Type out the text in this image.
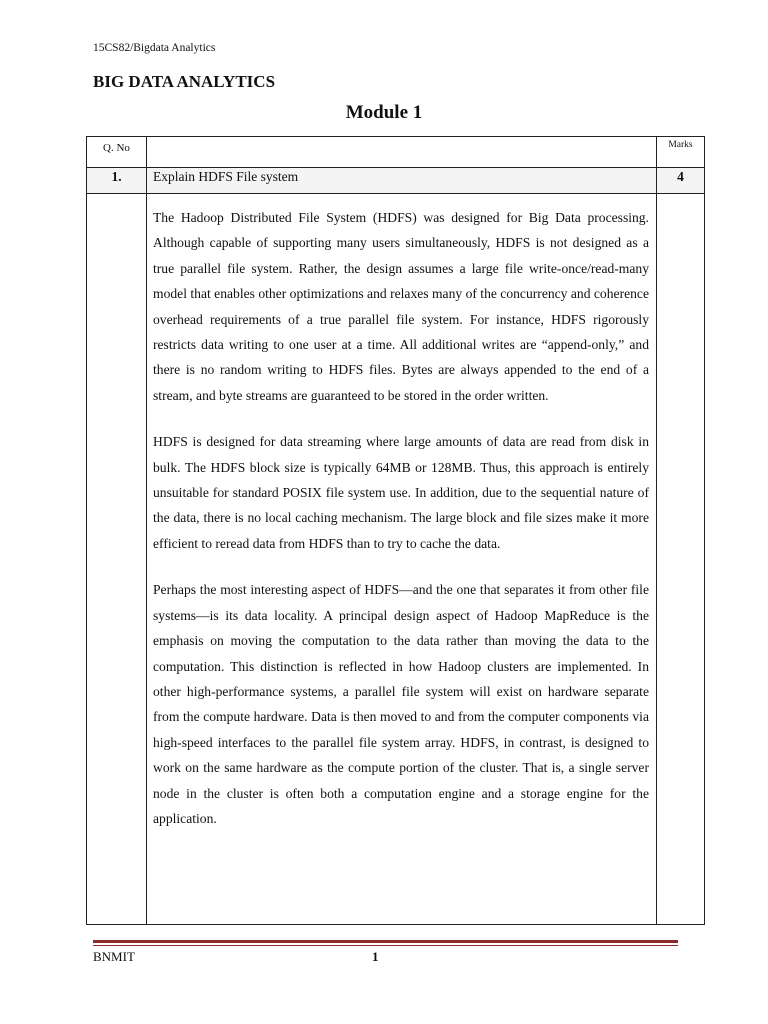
15CS82/Bigdata Analytics
BIG DATA ANALYTICS
Module 1
Q. No		Marks
1.	Explain HDFS File system	4

	The Hadoop Distributed File System (HDFS) was designed for Big Data processing. Although capable of supporting many users simultaneously, HDFS is not designed as a true parallel file system. Rather, the design assumes a large file write-once/read-many model that enables other optimizations and relaxes many of the concurrency and coherence overhead requirements of a true parallel file system. For instance, HDFS rigorously restricts data writing to one user at a time. All additional writes are “append-only,” and there is no random writing to HDFS files. Bytes are always appended to the end of a stream, and byte streams are guaranteed to be stored in the order written.

HDFS is designed for data streaming where large amounts of data are read from disk in bulk. The HDFS block size is typically 64MB or 128MB. Thus, this approach is entirely unsuitable for standard POSIX file system use. In addition, due to the sequential nature of the data, there is no local caching mechanism. The large block and file sizes make it more efficient to reread data from HDFS than to try to cache the data.

Perhaps the most interesting aspect of HDFS—and the one that separates it from other file systems—is its data locality. A principal design aspect of Hadoop MapReduce is the emphasis on moving the computation to the data rather than moving the data to the computation. This distinction is reflected in how Hadoop clusters are implemented. In other high-performance systems, a parallel file system will exist on hardware separate from the compute hardware. Data is then moved to and from the computer components via high-speed interfaces to the parallel file system array. HDFS, in contrast, is designed to work on the same hardware as the compute portion of the cluster. That is, a single server node in the cluster is often both a computation engine and a storage engine for the application.	

BNMIT	1
